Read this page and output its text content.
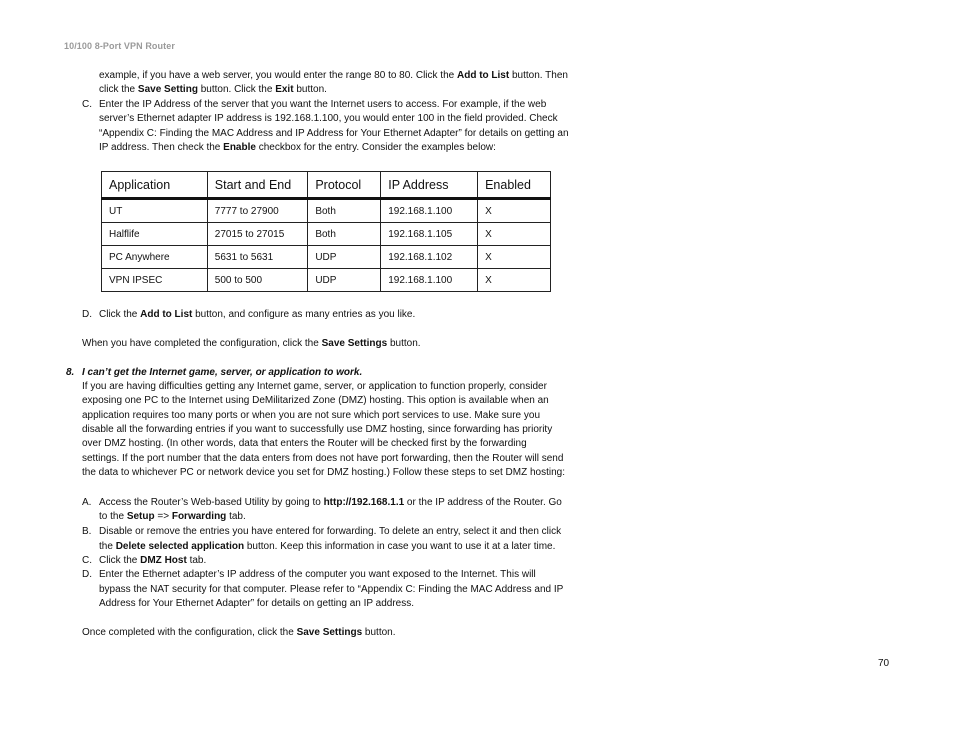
10/100 8-Port VPN Router
example, if you have a web server, you would enter the range 80 to 80. Click the Add to List button. Then
click the Save Setting button. Click the Exit button.
C. Enter the IP Address of the server that you want the Internet users to access. For example, if the web
server’s Ethernet adapter IP address is 192.168.1.100, you would enter 100 in the field provided. Check
“Appendix C: Finding the MAC Address and IP Address for Your Ethernet Adapter” for details on getting an
IP address. Then check the Enable checkbox for the entry. Consider the examples below:
Application	Start and End	Protocol	IP Address	Enabled
UT	7777 to 27900	Both	192.168.1.100	X
Halflife	27015 to 27015	Both	192.168.1.105	X
PC Anywhere	5631 to 5631	UDP	192.168.1.102	X
VPN IPSEC	500 to 500	UDP	192.168.1.100	X
D. Click the Add to List button, and configure as many entries as you like.
When you have completed the configuration, click the Save Settings button.
8. I can’t get the Internet game, server, or application to work.
If you are having difficulties getting any Internet game, server, or application to function properly, consider
exposing one PC to the Internet using DeMilitarized Zone (DMZ) hosting. This option is available when an
application requires too many ports or when you are not sure which port services to use. Make sure you
disable all the forwarding entries if you want to successfully use DMZ hosting, since forwarding has priority
over DMZ hosting. (In other words, data that enters the Router will be checked first by the forwarding
settings. If the port number that the data enters from does not have port forwarding, then the Router will send
the data to whichever PC or network device you set for DMZ hosting.) Follow these steps to set DMZ hosting:
A. Access the Router’s Web-based Utility by going to http://192.168.1.1 or the IP address of the Router. Go
to the Setup => Forwarding tab.
B. Disable or remove the entries you have entered for forwarding. To delete an entry, select it and then click
the Delete selected application button. Keep this information in case you want to use it at a later time.
C. Click the DMZ Host tab.
D. Enter the Ethernet adapter’s IP address of the computer you want exposed to the Internet. This will
bypass the NAT security for that computer. Please refer to “Appendix C: Finding the MAC Address and IP
Address for Your Ethernet Adapter” for details on getting an IP address.
Once completed with the configuration, click the Save Settings button.
70
